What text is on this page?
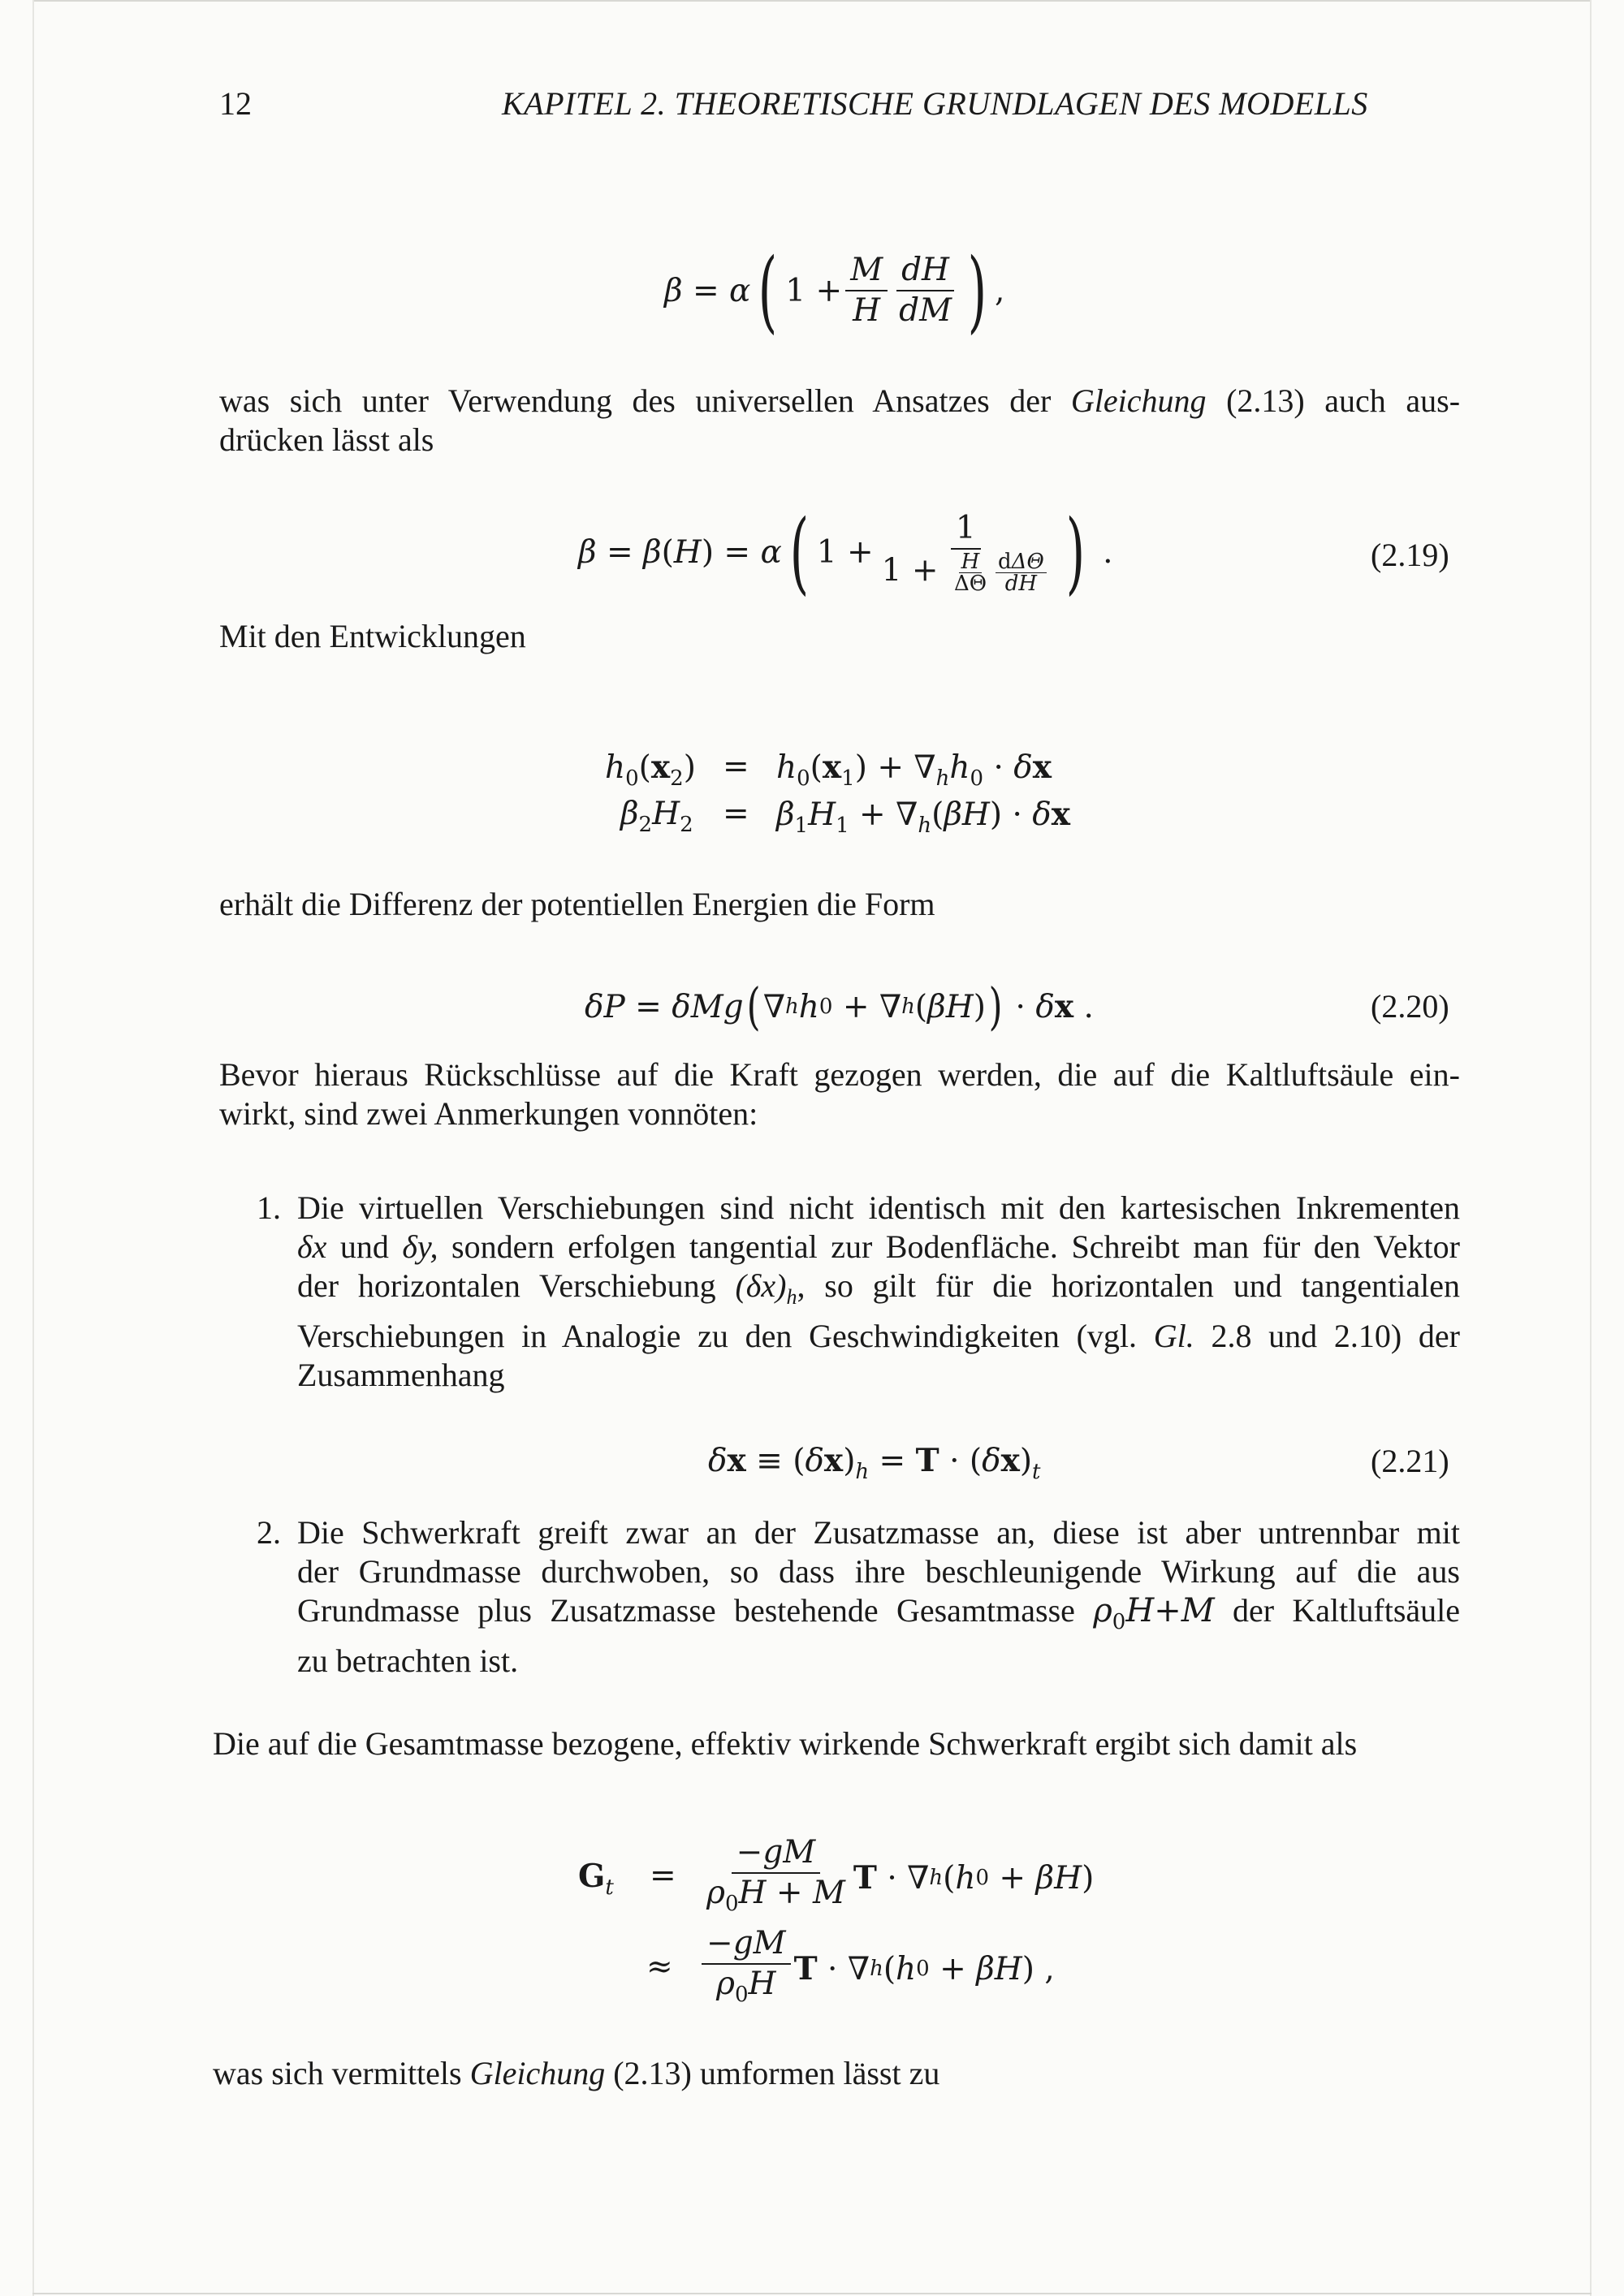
12	KAPITEL 2. THEORETISCHE GRUNDLAGEN DES MODELLS
β = α ( $1 + \frac{M}{H} \frac{dH}{dM}$ ) ,
was sich unter Verwendung des universellen Ansatzes der Gleichung (2.13) auch aus-
drücken lässt als
β = β ( H ) = α ( $1 + \frac{1}{1 + \frac{H}{\Delta\Theta} \frac{\text{dΔΘ}}{dH}}$ ) .	(2.19)
Mit den Entwicklungen
$h_0(x_2) = h_0(x_1) + \nabla_hh_0 \cdot \delta x$
$\beta_2H_2 = \beta_1H_1 + \nabla_h(\beta H) \cdot \delta x$
erhält die Differenz der potentiellen Energien die Form
δP = δMg ( ∇ h h 0 + ∇ h ( βH ) ) · δ x .	(2.20)
Bevor hieraus Rückschlüsse auf die Kraft gezogen werden, die auf die Kaltluftsäule ein-
wirkt, sind zwei Anmerkungen vonnöten:
1. Die virtuellen Verschiebungen sind nicht identisch mit den kartesischen Inkrementen
δx und δy, sondern erfolgen tangential zur Bodenfläche. Schreibt man für den Vektor
der horizontalen Verschiebung $(\delta x)_h$, so gilt für die horizontalen und tangentialen
Verschiebungen in Analogie zu den Geschwindigkeiten (vgl. Gl. 2.8 und 2.10) der
Zusammenhang
$\delta x \equiv (\delta x)_h = T \cdot (\delta x)_t$	(2.21)
2. Die Schwerkraft greift zwar an der Zusatzmasse an, diese ist aber untrennbar mit
der Grundmasse durchwoben, so dass ihre beschleunigende Wirkung auf die aus
Grundmasse plus Zusatzmasse bestehende Gesamtmasse $\rho_0H+M$ der Kaltluftsäule
zu betrachten ist.
Die auf die Gesamtmasse bezogene, effektiv wirkende Schwerkraft ergibt sich damit als
$G_t = \frac{-gM}{\rho_0H + M}$ T · ∇ h ( h 0 + βH )
≈ $\frac{-gM}{\rho_0H}$ T · ∇ h ( h 0 + βH ) ,
was sich vermittels Gleichung (2.13) umformen lässt zu
